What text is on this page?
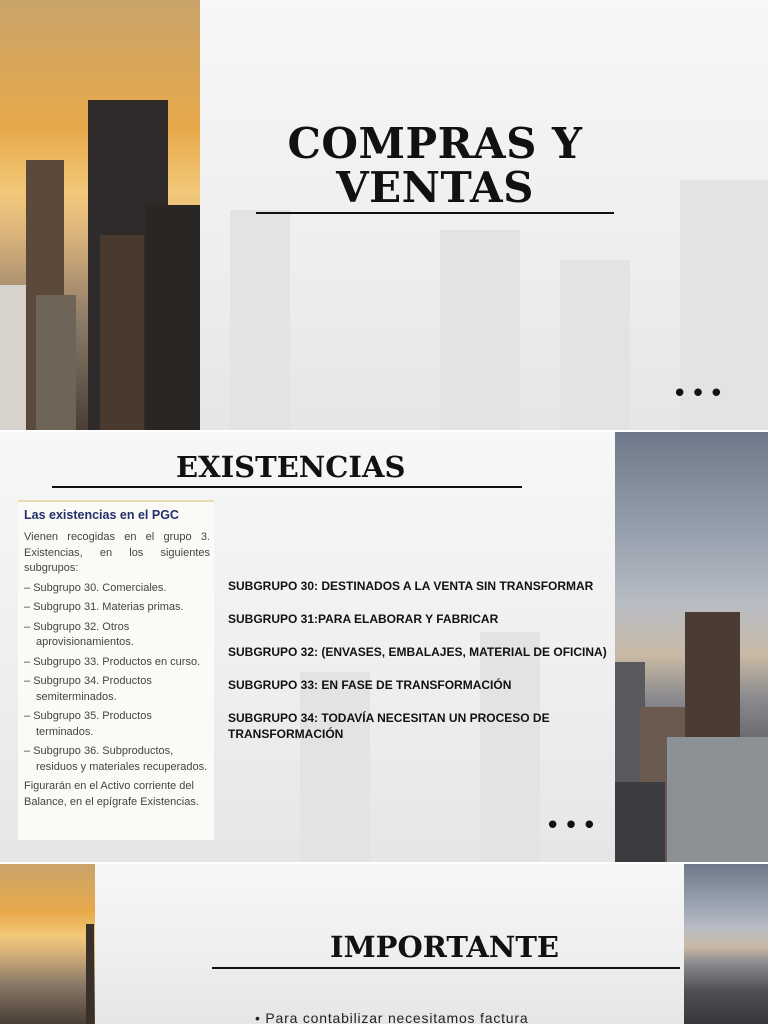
COMPRAS Y VENTAS
•••
EXISTENCIAS
Las existencias en el PGC

Vienen recogidas en el grupo 3. Existencias, en los siguientes subgrupos:

– Subgrupo 30. Comerciales.
– Subgrupo 31. Materias primas.
– Subgrupo 32. Otros aprovisionamientos.
– Subgrupo 33. Productos en curso.
– Subgrupo 34. Productos semiterminados.
– Subgrupo 35. Productos terminados.
– Subgrupo 36. Subproductos, residuos y materiales recuperados.

Figurarán en el Activo corriente del Balance, en el epígrafe Existencias.

SUBGRUPO 30: DESTINADOS A LA VENTA SIN TRANSFORMAR
SUBGRUPO 31:PARA ELABORAR Y FABRICAR
SUBGRUPO 32: (ENVASES, EMBALAJES, MATERIAL DE OFICINA)
SUBGRUPO 33: EN FASE DE TRANSFORMACIÓN
SUBGRUPO 34: TODAVÍA NECESITAN UN PROCESO DE TRANSFORMACIÓN
•••
IMPORTANTE
• Para contabilizar necesitamos factura
